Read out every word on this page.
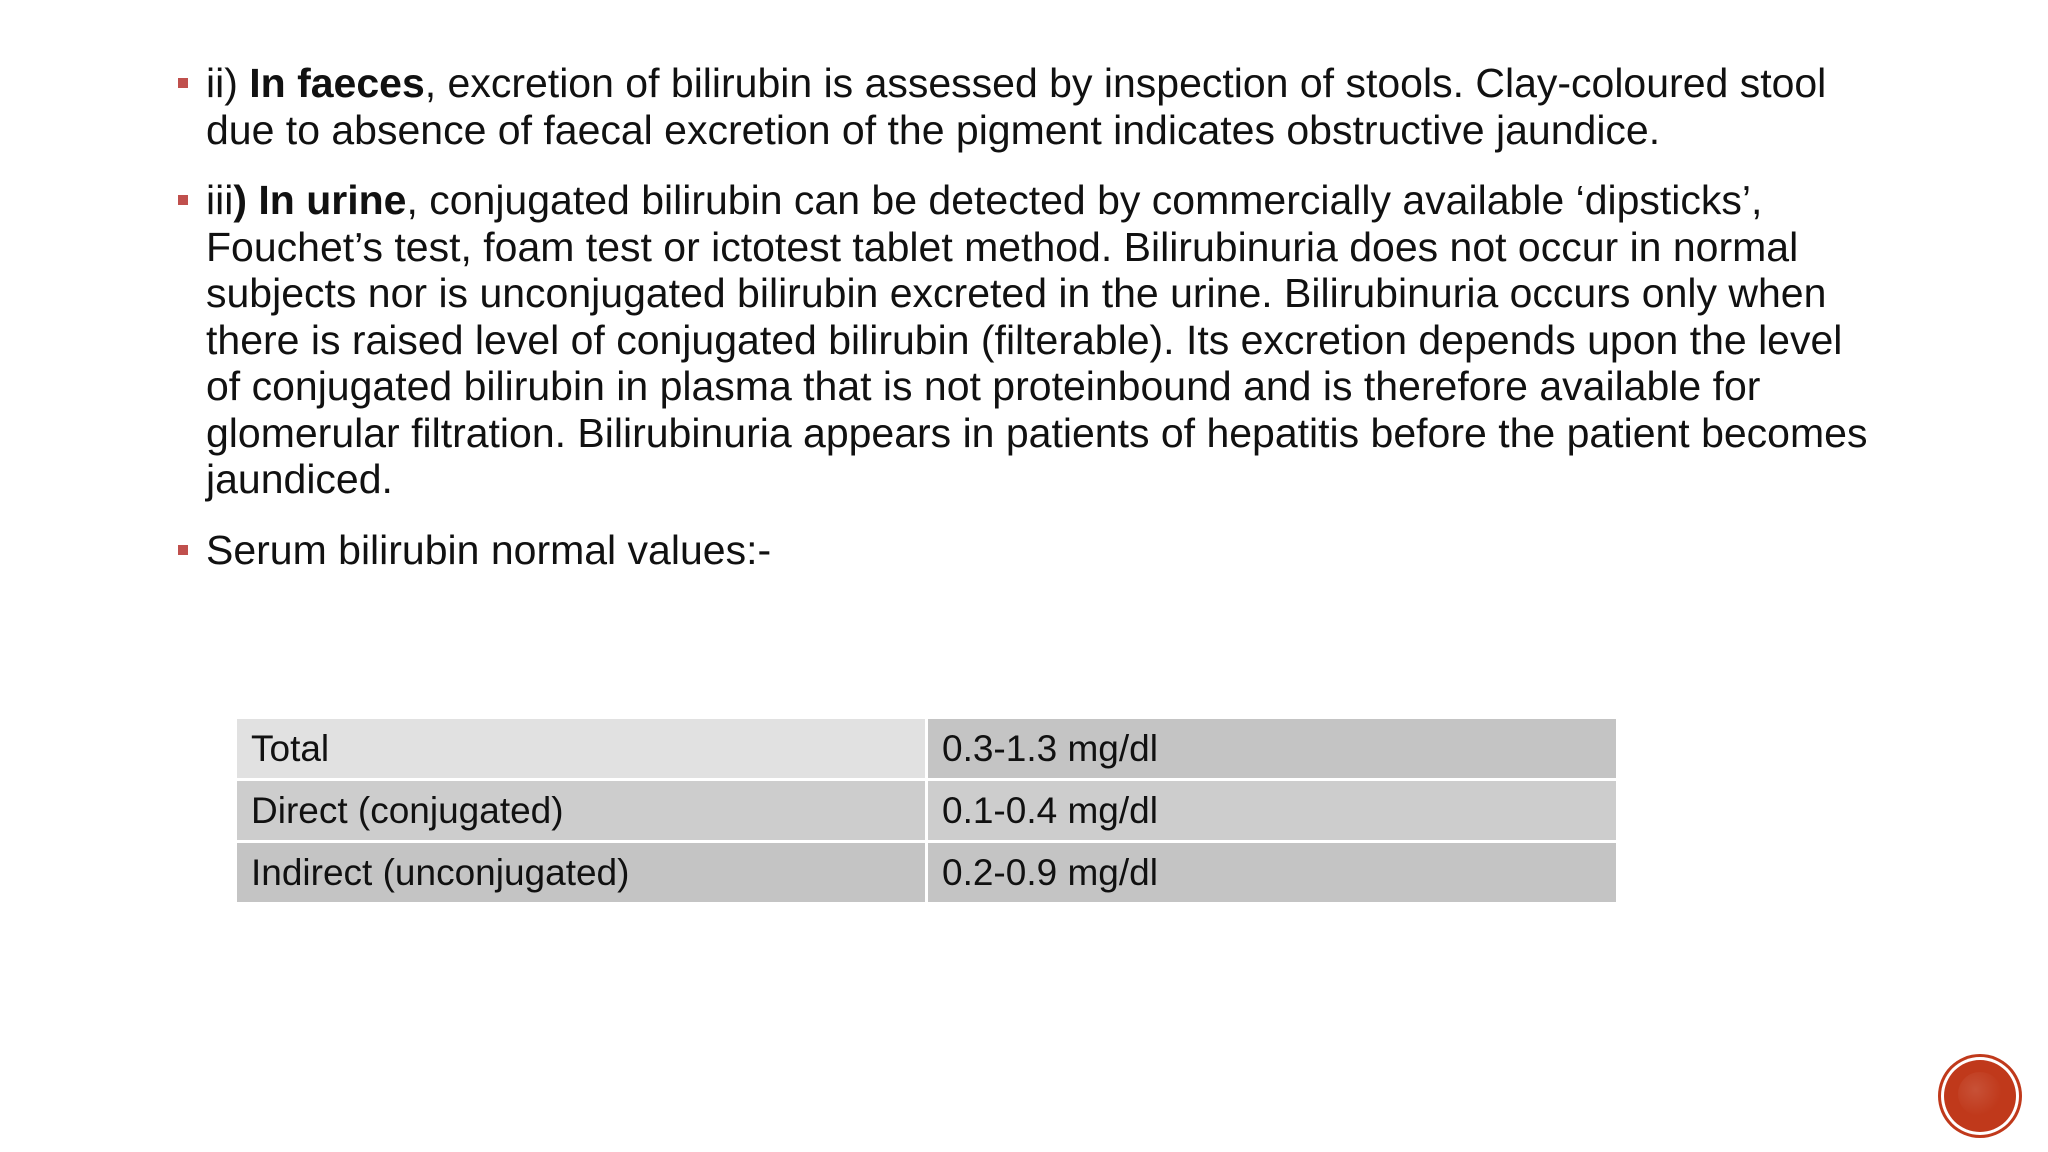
ii) In faeces, excretion of bilirubin is assessed by inspection of stools. Clay-coloured stool due to absence of faecal excretion of the pigment indicates obstructive jaundice.
iii) In urine, conjugated bilirubin can be detected by commercially available ‘dipsticks’, Fouchet’s test, foam test or ictotest tablet method. Bilirubinuria does not occur in normal subjects nor is unconjugated bilirubin excreted in the urine. Bilirubinuria occurs only when there is raised level of conjugated bilirubin (filterable). Its excretion depends upon the level of conjugated bilirubin in plasma that is not proteinbound and is therefore available for glomerular filtration. Bilirubinuria appears in patients of hepatitis before the patient becomes jaundiced.
Serum bilirubin normal values:-
Total	0.3-1.3 mg/dl
Direct (conjugated)	0.1-0.4 mg/dl
Indirect (unconjugated)	0.2-0.9 mg/dl
